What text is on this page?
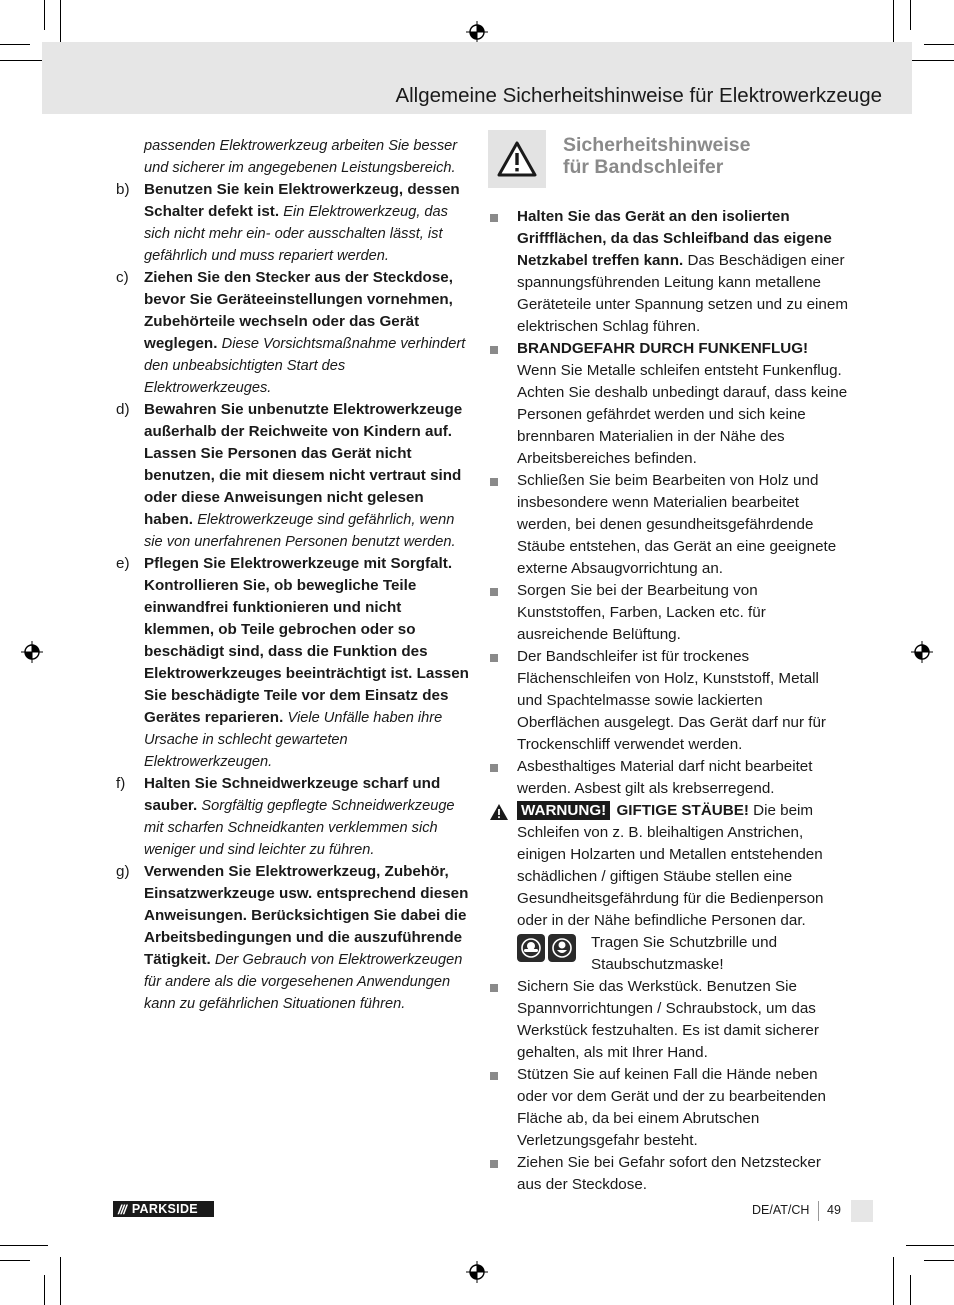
Allgemeine Sicherheitshinweise für Elektrowerkzeuge
passenden Elektrowerkzeug arbeiten Sie besser und sicherer im angegebenen Leistungsbereich.
b) Benutzen Sie kein Elektrowerkzeug, dessen Schalter defekt ist. Ein Elektrowerkzeug, das sich nicht mehr ein- oder ausschalten lässt, ist gefährlich und muss repariert werden.
c) Ziehen Sie den Stecker aus der Steckdose, bevor Sie Geräteeinstellungen vornehmen, Zubehörteile wechseln oder das Gerät weglegen. Diese Vorsichtsmaßnahme verhindert den unbeabsichtigten Start des Elektrowerkzeuges.
d) Bewahren Sie unbenutzte Elektrowerkzeuge außerhalb der Reichweite von Kindern auf. Lassen Sie Personen das Gerät nicht benutzen, die mit diesem nicht vertraut sind oder diese Anweisungen nicht gelesen haben. Elektrowerkzeuge sind gefährlich, wenn sie von unerfahrenen Personen benutzt werden.
e) Pflegen Sie Elektrowerkzeuge mit Sorgfalt. Kontrollieren Sie, ob bewegliche Teile einwandfrei funktionieren und nicht klemmen, ob Teile gebrochen oder so beschädigt sind, dass die Funktion des Elektrowerkzeuges beeinträchtigt ist. Lassen Sie beschädigte Teile vor dem Einsatz des Gerätes reparieren. Viele Unfälle haben ihre Ursache in schlecht gewarteten Elektrowerkzeugen.
f) Halten Sie Schneidwerkzeuge scharf und sauber. Sorgfältig gepflegte Schneidwerkzeuge mit scharfen Schneidkanten verklemmen sich weniger und sind leichter zu führen.
g) Verwenden Sie Elektrowerkzeug, Zubehör, Einsatzwerkzeuge usw. entsprechend diesen Anweisungen. Berücksichtigen Sie dabei die Arbeitsbedingungen und die auszuführende Tätigkeit. Der Gebrauch von Elektrowerkzeugen für andere als die vorgesehenen Anwendungen kann zu gefährlichen Situationen führen.
Sicherheitshinweise
für Bandschleifer
Halten Sie das Gerät an den isolierten Griffflächen, da das Schleifband das eigene Netzkabel treffen kann. Das Beschädigen einer spannungsführenden Leitung kann metallene Geräteteile unter Spannung setzen und zu einem elektrischen Schlag führen.
BRANDGEFAHR DURCH FUNKENFLUG! Wenn Sie Metalle schleifen entsteht Funkenflug. Achten Sie deshalb unbedingt darauf, dass keine Personen gefährdet werden und sich keine brennbaren Materialien in der Nähe des Arbeitsbereiches befinden.
Schließen Sie beim Bearbeiten von Holz und insbesondere wenn Materialien bearbeitet werden, bei denen gesundheitsgefährdende Stäube entstehen, das Gerät an eine geeignete externe Absaugvorrichtung an.
Sorgen Sie bei der Bearbeitung von Kunststoffen, Farben, Lacken etc. für ausreichende Belüftung.
Der Bandschleifer ist für trockenes Flächenschleifen von Holz, Kunststoff, Metall und Spachtelmasse sowie lackierten Oberflächen ausgelegt. Das Gerät darf nur für Trockenschliff verwendet werden.
Asbesthaltiges Material darf nicht bearbeitet werden. Asbest gilt als krebserregend.
WARNUNG! GIFTIGE STÄUBE! Die beim Schleifen von z. B. bleihaltigen Anstrichen, einigen Holzarten und Metallen entstehenden schädlichen / giftigen Stäube stellen eine Gesundheitsgefährdung für die Bedienperson oder in der Nähe befindliche Personen dar.
Tragen Sie Schutzbrille und Staubschutzmaske!
Sichern Sie das Werkstück. Benutzen Sie Spannvorrichtungen / Schraubstock, um das Werkstück festzuhalten. Es ist damit sicherer gehalten, als mit Ihrer Hand.
Stützen Sie auf keinen Fall die Hände neben oder vor dem Gerät und der zu bearbeitenden Fläche ab, da bei einem Abrutschen Verletzungsgefahr besteht.
Ziehen Sie bei Gefahr sofort den Netzstecker aus der Steckdose.
/// PARKSIDE	DE/AT/CH 49
